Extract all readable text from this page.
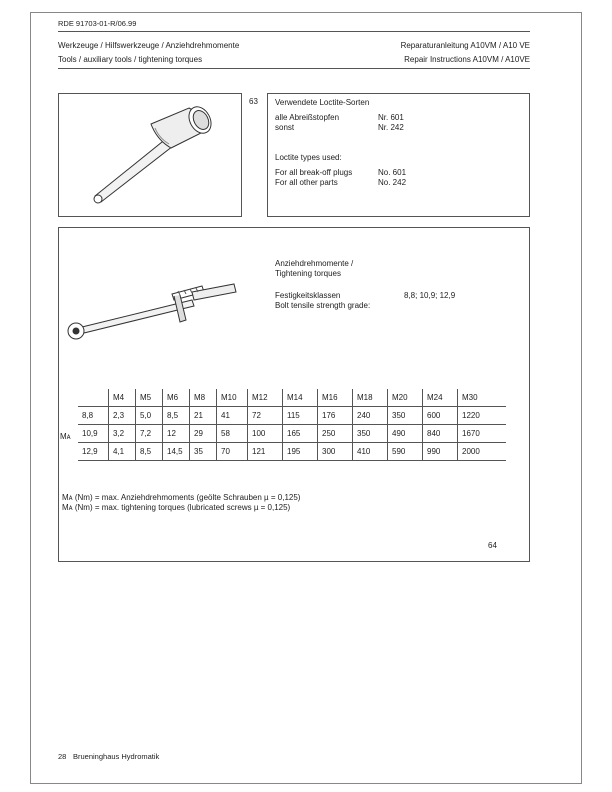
RDE 91703-01-R/06.99
Werkzeuge / Hilfswerkzeuge / Anziehdrehmomente
Tools / auxiliary tools / tightening torques
Reparaturanleitung A10VM / A10 VE
Repair Instructions A10VM / A10VE
63 Verwendete Loctite-Sorten
alle Abreißstopfen	Nr. 601
sonst	Nr. 242
Loctite types used:
For all break-off plugs	No. 601
For all other parts	No. 242
Anziehdrehmomente /
Tightening torques
Festigkeitsklassen
Bolt tensile strength grade:
8,8; 10,9; 12,9
Mᴀ
	M4	M5	M6	M8	M10	M12	M14	M16	M18	M20	M24	M30
8,8	2,3	5,0	8,5	21	41	72	115	176	240	350	600	1220
10,9	3,2	7,2	12	29	58	100	165	250	350	490	840	1670
12,9	4,1	8,5	14,5	35	70	121	195	300	410	590	990	2000
Mᴀ (Nm) = max. Anziehdrehmoments (geölte Schrauben µ = 0,125)
Mᴀ (Nm) = max. tightening torques (lubricated screws µ = 0,125)
64
28 Brueninghaus Hydromatik
